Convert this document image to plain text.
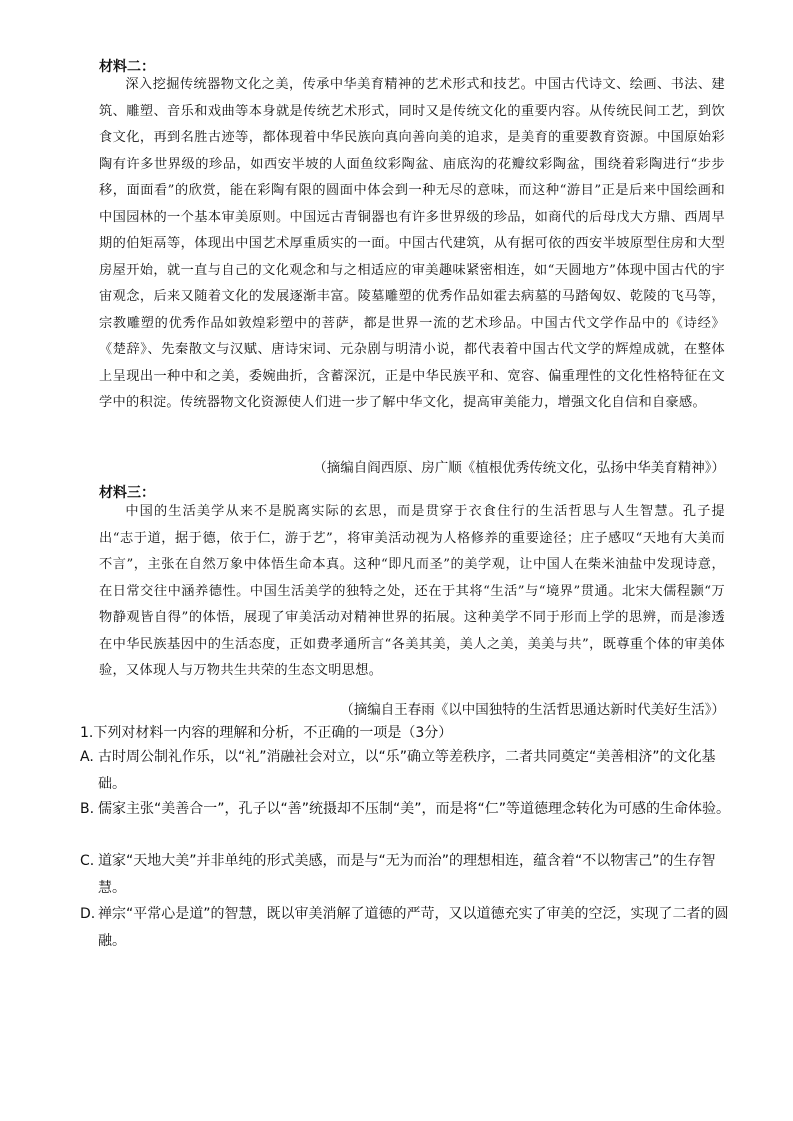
材料二：

深入挖掘传统器物文化之美，传承中华美育精神的艺术形式和技艺。中国古代诗文、绘画、书法、建筑、雕塑、音乐和戏曲等本身就是传统艺术形式，同时又是传统文化的重要内容。从传统民间工艺，到饮食文化，再到名胜古迹等，都体现着中华民族向真向善向美的追求，是美育的重要教育资源。中国原始彩陶有许多世界级的珍品，如西安半坡的人面鱼纹彩陶盆、庙底沟的花瓣纹彩陶盆，围绕着彩陶进行“步步移，面面看”的欣赏，能在彩陶有限的圆面中体会到一种无尽的意味，而这种“游目”正是后来中国绘画和中国园林的一个基本审美原则。中国远古青铜器也有许多世界级的珍品，如商代的后母戊大方鼎、西周早期的伯矩鬲等，体现出中国艺术厚重质实的一面。中国古代建筑，从有据可依的西安半坡原型住房和大型房屋开始，就一直与自己的文化观念和与之相适应的审美趣味紧密相连，如“天圆地方”体现中国古代的宇宙观念，后来又随着文化的发展逐渐丰富。陵墓雕塑的优秀作品如霍去病墓的马踏匈奴、乾陵的飞马等，宗教雕塑的优秀作品如敦煌彩塑中的菩萨，都是世界一流的艺术珍品。中国古代文学作品中的《诗经》《楚辞》、先秦散文与汉赋、唐诗宋词、元杂剧与明清小说，都代表着中国古代文学的辉煌成就，在整体上呈现出一种中和之美，委婉曲折，含蓄深沉，正是中华民族平和、宽容、偏重理性的文化性格特征在文学中的积淀。传统器物文化资源使人们进一步了解中华文化，提高审美能力，增强文化自信和自豪感。

（摘编自阎西原、房广顺《植根优秀传统文化，弘扬中华美育精神》）
材料三：

中国的生活美学从来不是脱离实际的玄思，而是贯穿于衣食住行的生活哲思与人生智慧。孔子提出“志于道，据于德，依于仁，游于艺”，将审美活动视为人格修养的重要途径；庄子感叹“天地有大美而不言”，主张在自然万象中体悟生命本真。这种“即凡而圣”的美学观，让中国人在柴米油盐中发现诗意，在日常交往中涵养德性。中国生活美学的独特之处，还在于其将“生活”与“境界”贯通。北宋大儒程颢“万物静观皆自得”的体悟，展现了审美活动对精神世界的拓展。这种美学不同于形而上学的思辨，而是渗透在中华民族基因中的生活态度，正如费孝通所言“各美其美，美人之美，美美与共”，既尊重个体的审美体验，又体现人与万物共生共荣的生态文明思想。

（摘编自王春雨《以中国独特的生活哲思通达新时代美好生活》）
1.下列对材料一内容的理解和分析，不正确的一项是（3分）
A. 古时周公制礼作乐，以“礼”消融社会对立，以“乐”确立等差秩序，二者共同奠定“美善相济”的文化基础。
B. 儒家主张“美善合一”，孔子以“善”统摄却不压制“美”，而是将“仁”等道德理念转化为可感的生命体验。
C. 道家“天地大美”并非单纯的形式美感，而是与“无为而治”的理想相连，蕴含着“不以物害己”的生存智慧。
D. 禅宗“平常心是道”的智慧，既以审美消解了道德的严苛，又以道德充实了审美的空泛，实现了二者的圆融。
